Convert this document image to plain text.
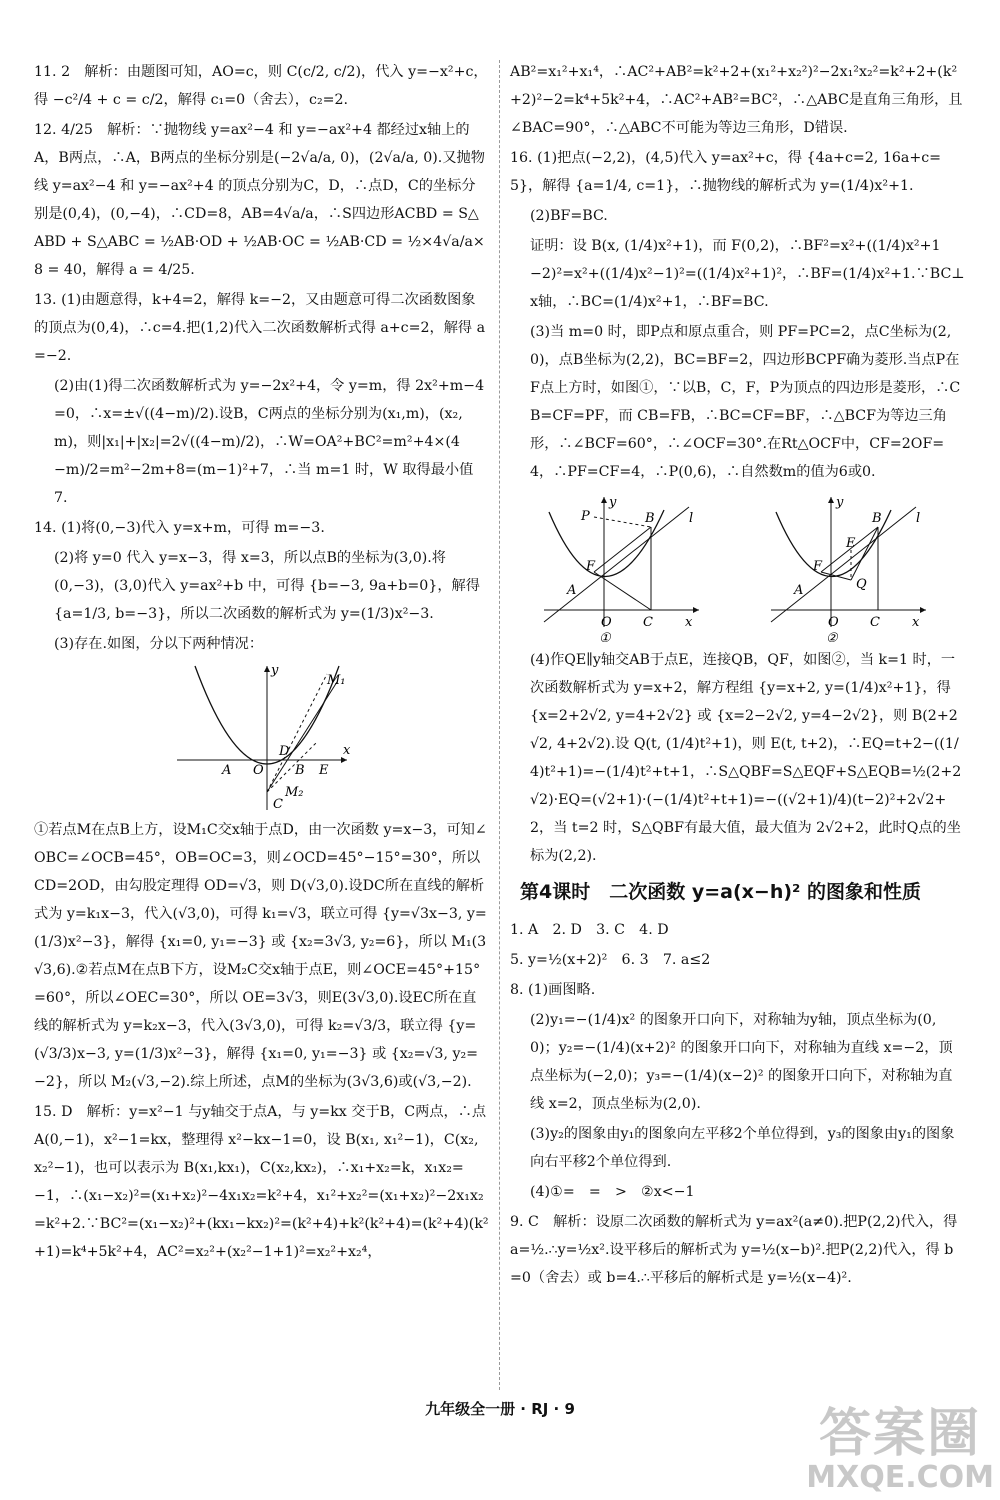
11. 2　解析：由题图可知，AO=c，则 C(c/2, c/2)，代入 y=−x²+c，得 −c²/4 + c = c/2，解得 c₁=0（舍去），c₂=2.

12. 4/25　解析：∵抛物线 y=ax²−4 和 y=−ax²+4 都经过x轴上的A，B两点，∴A，B两点的坐标分别是(−2√a/a, 0)，(2√a/a, 0).又抛物线 y=ax²−4 和 y=−ax²+4 的顶点分别为C，D，∴点D，C的坐标分别是(0,4)，(0,−4)，∴CD=8，AB=4√a/a，∴S四边形ACBD = S△ABD + S△ABC = ½AB·OD + ½AB·OC = ½AB·CD = ½×4√a/a×8 = 40，解得 a = 4/25.

13. (1)由题意得，k+4=2，解得 k=−2，又由题意可得二次函数图象的顶点为(0,4)，∴c=4.把(1,2)代入二次函数解析式得 a+c=2，解得 a=−2.

(2)由(1)得二次函数解析式为 y=−2x²+4，令 y=m，得 2x²+m−4=0，∴x=±√((4−m)/2).设B，C两点的坐标分别为(x₁,m)，(x₂,m)，则|x₁|+|x₂|=2√((4−m)/2)，∴W=OA²+BC²=m²+4×(4−m)/2=m²−2m+8=(m−1)²+7，∴当 m=1 时，W 取得最小值 7.

14. (1)将(0,−3)代入 y=x+m，可得 m=−3.

(2)将 y=0 代入 y=x−3，得 x=3，所以点B的坐标为(3,0).将(0,−3)，(3,0)代入 y=ax²+b 中，可得 {b=−3, 9a+b=0}，解得 {a=1/3, b=−3}，所以二次函数的解析式为 y=(1/3)x²−3.

(3)存在.如图，分以下两种情况：

A O
D
B E
C
M₁
M₂
y
x

①若点M在点B上方，设M₁C交x轴于点D，由一次函数 y=x−3，可知∠OBC=∠OCB=45°，OB=OC=3，则∠OCD=45°−15°=30°，所以 CD=2OD，由勾股定理得 OD=√3，则 D(√3,0).设DC所在直线的解析式为 y=k₁x−3，代入(√3,0)，可得 k₁=√3，联立可得 {y=√3x−3, y=(1/3)x²−3}，解得 {x₁=0, y₁=−3} 或 {x₂=3√3, y₂=6}，所以 M₁(3√3,6).②若点M在点B下方，设M₂C交x轴于点E，则∠OCE=45°+15°=60°，所以∠OEC=30°，所以 OE=3√3，则E(3√3,0).设EC所在直线的解析式为 y=k₂x−3，代入(3√3,0)，可得 k₂=√3/3，联立得 {y=(√3/3)x−3, y=(1/3)x²−3}，解得 {x₁=0, y₁=−3} 或 {x₂=√3, y₂=−2}，所以 M₂(√3,−2).综上所述，点M的坐标为(3√3,6)或(√3,−2).

15. D　解析：y=x²−1 与y轴交于点A，与 y=kx 交于B，C两点，∴点A(0,−1)，x²−1=kx，整理得 x²−kx−1=0，设 B(x₁, x₁²−1)，C(x₂, x₂²−1)，也可以表示为 B(x₁,kx₁)，C(x₂,kx₂)，∴x₁+x₂=k，x₁x₂=−1，∴(x₁−x₂)²=(x₁+x₂)²−4x₁x₂=k²+4，x₁²+x₂²=(x₁+x₂)²−2x₁x₂=k²+2.∵BC²=(x₁−x₂)²+(kx₁−kx₂)²=(k²+4)+k²(k²+4)=(k²+4)(k²+1)=k⁴+5k²+4，AC²=x₂²+(x₂²−1+1)²=x₂²+x₂⁴，

AB²=x₁²+x₁⁴，∴AC²+AB²=k²+2+(x₁²+x₂²)²−2x₁²x₂²=k²+2+(k²+2)²−2=k⁴+5k²+4，∴AC²+AB²=BC²，∴△ABC是直角三角形，且∠BAC=90°，∴△ABC不可能为等边三角形，D错误.

16. (1)把点(−2,2)，(4,5)代入 y=ax²+c，得 {4a+c=2, 16a+c=5}，解得 {a=1/4, c=1}，∴抛物线的解析式为 y=(1/4)x²+1.

(2)BF=BC.

证明：设 B(x, (1/4)x²+1)，而 F(0,2)，∴BF²=x²+((1/4)x²+1−2)²=x²+((1/4)x²−1)²=((1/4)x²+1)²，∴BF=(1/4)x²+1.∵BC⊥x轴，∴BC=(1/4)x²+1，∴BF=BC.

(3)当 m=0 时，即P点和原点重合，则 PF=PC=2，点C坐标为(2,0)，点B坐标为(2,2)，BC=BF=2，四边形BCPF确为菱形.当点P在F点上方时，如图①，∵以B，C，F，P为顶点的四边形是菱形，∴CB=CF=PF，而 CB=FB，∴BC=CF=BF，∴△BCF为等边三角形，∴∠BCF=60°，∴∠OCF=30°.在Rt△OCF中，CF=2OF=4，∴PF=CF=4，∴P(0,6)，∴自然数m的值为6或0.

P
F
A
B	l
O C x
y
①
F
A
E
Q
B	l
O C x
y
②

(4)作QE∥y轴交AB于点E，连接QB，QF，如图②，当 k=1 时，一次函数解析式为 y=x+2，解方程组 {y=x+2, y=(1/4)x²+1}，得 {x=2+2√2, y=4+2√2} 或 {x=2−2√2, y=4−2√2}，则 B(2+2√2, 4+2√2).设 Q(t, (1/4)t²+1)，则 E(t, t+2)，∴EQ=t+2−((1/4)t²+1)=−(1/4)t²+t+1，∴S△QBF=S△EQF+S△EQB=½(2+2√2)·EQ=(√2+1)·(−(1/4)t²+t+1)=−((√2+1)/4)(t−2)²+2√2+2，当 t=2 时，S△QBF有最大值，最大值为 2√2+2，此时Q点的坐标为(2,2).

第4课时　二次函数 y=a(x−h)² 的图象和性质

1. A　2. D　3. C　4. D

5. y=½(x+2)²　6. 3　7. a≤2

8. (1)画图略.

(2)y₁=−(1/4)x² 的图象开口向下，对称轴为y轴，顶点坐标为(0,0)；y₂=−(1/4)(x+2)² 的图象开口向下，对称轴为直线 x=−2，顶点坐标为(−2,0)；y₃=−(1/4)(x−2)² 的图象开口向下，对称轴为直线 x=2，顶点坐标为(2,0).

(3)y₂的图象由y₁的图象向左平移2个单位得到，y₃的图象由y₁的图象向右平移2个单位得到.

(4)①=　=　>　②x<−1

9. C　解析：设原二次函数的解析式为 y=ax²(a≠0).把P(2,2)代入，得 a=½.∴y=½x².设平移后的解析式为 y=½(x−b)².把P(2,2)代入，得 b=0（舍去）或 b=4.∴平移后的解析式是 y=½(x−4)².

九年级全一册 · RJ · 9	答案圈
MXQE.COM
